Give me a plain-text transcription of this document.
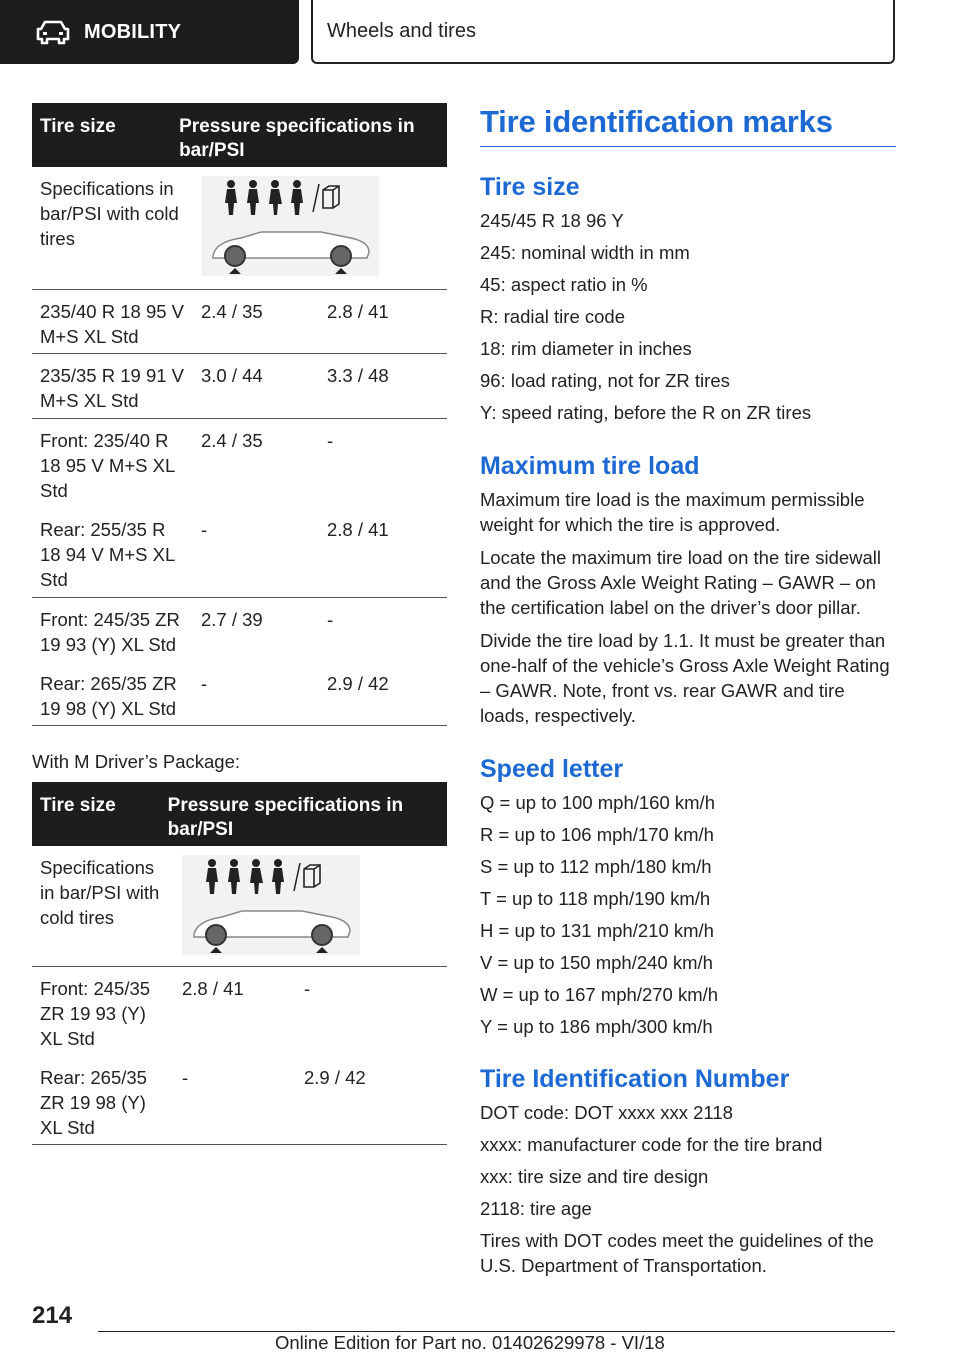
MOBILITY	Wheels and tires
Tire size	Pressure specifications in bar/PSI
Specifications in bar/PSI with cold tires
235/40 R 18 95 V M+S XL Std
2.4 / 35	2.8 / 41
235/35 R 19 91 V M+S XL Std
3.0 / 44	3.3 / 48
Front: 235/40 R 18 95 V M+S XL Std
2.4 / 35	-
Rear: 255/35 R 18 94 V M+S XL Std
-	2.8 / 41
Front: 245/35 ZR 19 93 (Y) XL Std
2.7 / 39	-
Rear: 265/35 ZR 19 98 (Y) XL Std
-	2.9 / 42
With M Driver’s Package:
Tire size	Pressure specifications in bar/PSI
Specifications in bar/PSI with cold tires
Front: 245/35 ZR 19 93 (Y) XL Std
2.8 / 41	-
Rear: 265/35 ZR 19 98 (Y) XL Std
-	2.9 / 42
Tire identification marks
Tire size
245/45 R 18 96 Y
245: nominal width in mm
45: aspect ratio in %
R: radial tire code
18: rim diameter in inches
96: load rating, not for ZR tires
Y: speed rating, before the R on ZR tires
Maximum tire load
Maximum tire load is the maximum permissible weight for which the tire is approved.
Locate the maximum tire load on the tire sidewall and the Gross Axle Weight Rating – GAWR – on the certification label on the driver’s door pillar.
Divide the tire load by 1.1. It must be greater than one-half of the vehicle’s Gross Axle Weight Rating – GAWR. Note, front vs. rear GAWR and tire loads, respectively.
Speed letter
Q = up to 100 mph/160 km/h
R = up to 106 mph/170 km/h
S = up to 112 mph/180 km/h
T = up to 118 mph/190 km/h
H = up to 131 mph/210 km/h
V = up to 150 mph/240 km/h
W = up to 167 mph/270 km/h
Y = up to 186 mph/300 km/h
Tire Identification Number
DOT code: DOT xxxx xxx 2118
xxxx: manufacturer code for the tire brand
xxx: tire size and tire design
2118: tire age
Tires with DOT codes meet the guidelines of the U.S. Department of Transportation.
214
Online Edition for Part no. 01402629978 - VI/18
